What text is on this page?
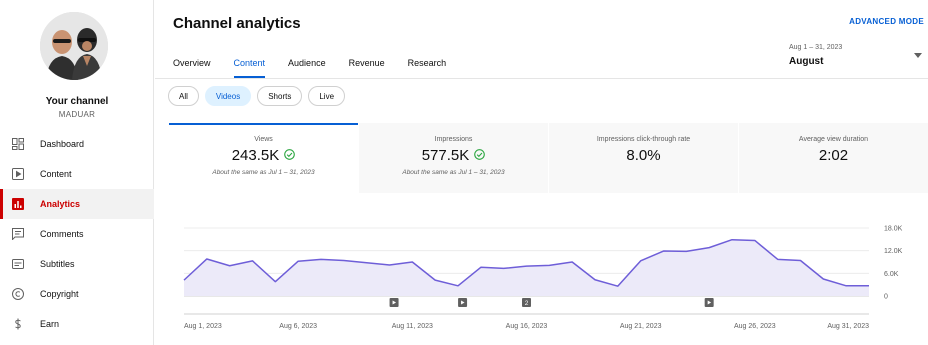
Your channel
MADUAR
Dashboard
Content
Analytics
Comments
Subtitles
Copyright
Earn
Channel analytics	ADVANCED MODE
Overview	Content	Audience	Revenue	Research
Aug 1 – 31, 2023
August
All	Videos	Shorts	Live
Views
243.5K
About the same as Jul 1 – 31, 2023
Impressions
577.5K
About the same as Jul 1 – 31, 2023
Impressions click-through rate
8.0%
Average view duration
2:02
0
6.0K
12.0K
18.0K
2
Aug 1, 2023	Aug 6, 2023	Aug 11, 2023	Aug 16, 2023	Aug 21, 2023	Aug 26, 2023	Aug 31, 2023
